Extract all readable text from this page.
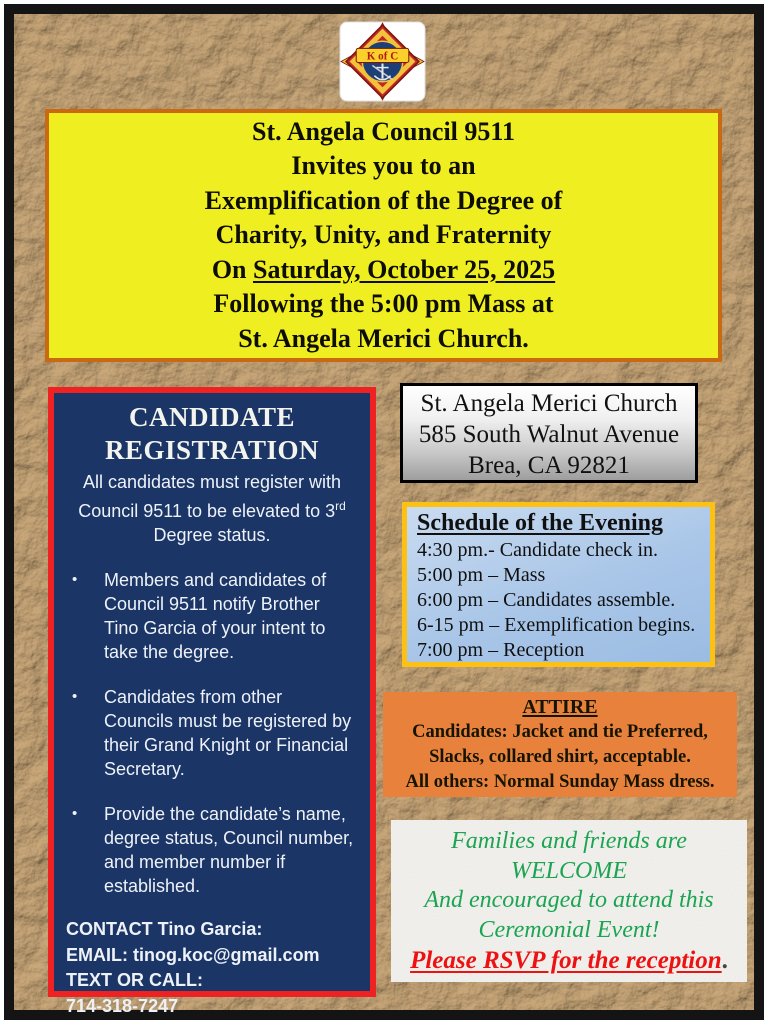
K of C
St. Angela Council 9511
Invites you to an
Exemplification of the Degree of
Charity, Unity, and Fraternity
On Saturday, October 25, 2025
Following the 5:00 pm Mass at
St. Angela Merici Church.
CANDIDATE
REGISTRATION
All candidates must register with Council 9511 to be elevated to 3rd Degree status.
•	Members and candidates of Council 9511 notify Brother Tino Garcia of your intent to take the degree.
•	Candidates from other Councils must be registered by their Grand Knight or Financial Secretary.
•	Provide the candidate’s name, degree status, Council number, and member number if established.
CONTACT Tino Garcia:
EMAIL: tinog.koc@gmail.com
TEXT OR CALL:
714-318-7247
St. Angela Merici Church
585 South Walnut Avenue
Brea, CA 92821
Schedule of the Evening
4:30 pm.- Candidate check in.
5:00 pm – Mass
6:00 pm – Candidates assemble.
6-15 pm – Exemplification begins.
7:00 pm – Reception
ATTIRE
Candidates: Jacket and tie Preferred,
Slacks, collared shirt, acceptable.
All others: Normal Sunday Mass dress.
Families and friends are
WELCOME
And encouraged to attend this
Ceremonial Event!
Please RSVP for the reception.
